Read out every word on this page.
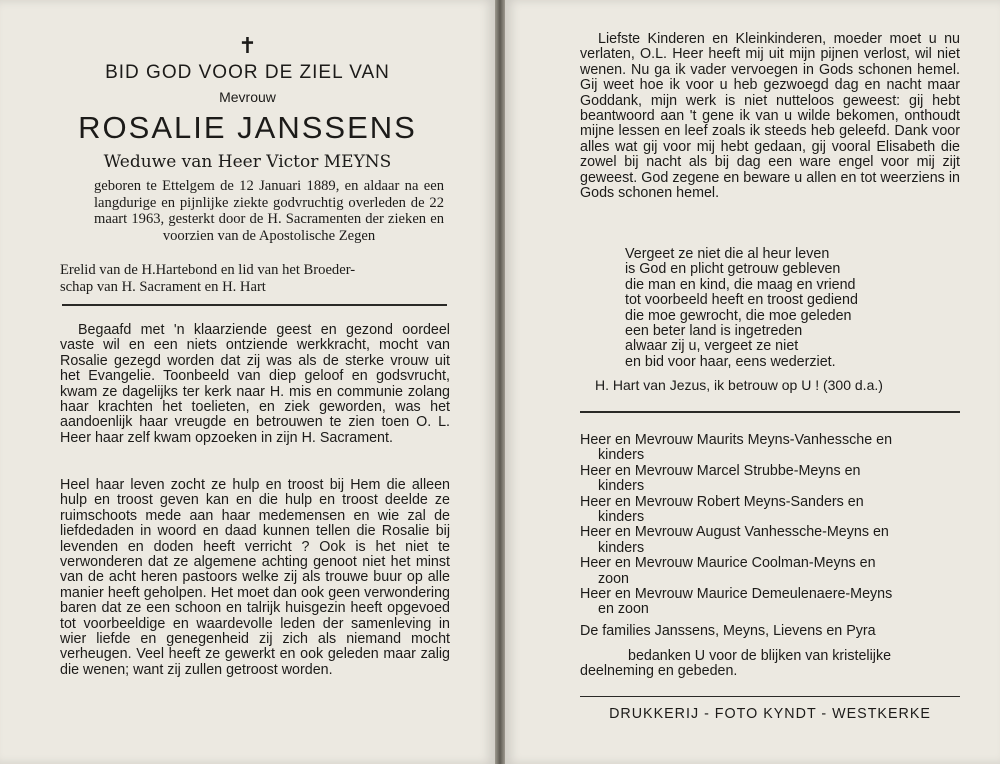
✝
BID GOD VOOR DE ZIEL VAN
Mevrouw
ROSALIE JANSSENS
Weduwe van Heer Victor MEYNS
geboren te Ettelgem de 12 Januari 1889, en aldaar na een langdurige en pijnlijke ziekte godvruchtig overleden de 22 maart 1963, gesterkt door de H. Sacramenten der zieken en voorzien van de Apostolische Zegen
Erelid van de H.Hartebond en lid van het Broeder-
schap van H. Sacrament en H. Hart
Begaafd met 'n klaarziende geest en gezond oordeel vaste wil en een niets ontziende werkkracht, mocht van Rosalie gezegd worden dat zij was als de sterke vrouw uit het Evangelie. Toonbeeld van diep geloof en godsvrucht, kwam ze dagelijks ter kerk naar H. mis en communie zolang haar krachten het toelieten, en ziek geworden, was het aandoenlijk haar vreugde en betrouwen te zien toen O. L. Heer haar zelf kwam opzoeken in zijn H. Sacrament.
Heel haar leven zocht ze hulp en troost bij Hem die alleen hulp en troost geven kan en die hulp en troost deelde ze ruimschoots mede aan haar medemensen en wie zal de liefdedaden in woord en daad kunnen tellen die Rosalie bij levenden en doden heeft verricht ? Ook is het niet te verwonderen dat ze algemene achting genoot niet het minst van de acht heren pastoors welke zij als trouwe buur op alle manier heeft geholpen. Het moet dan ook geen verwondering baren dat ze een schoon en talrijk huisgezin heeft opgevoed tot voorbeeldige en waardevolle leden der samenleving in wier liefde en genegenheid zij zich als niemand mocht verheugen. Veel heeft ze gewerkt en ook geleden maar zalig die wenen; want zij zullen getroost worden.
Liefste Kinderen en Kleinkinderen, moeder moet u nu verlaten, O.L. Heer heeft mij uit mijn pijnen verlost, wil niet wenen. Nu ga ik vader vervoegen in Gods schonen hemel. Gij weet hoe ik voor u heb gezwoegd dag en nacht maar Goddank, mijn werk is niet nutteloos geweest: gij hebt beantwoord aan 't gene ik van u wilde bekomen, onthoudt mijne lessen en leef zoals ik steeds heb geleefd. Dank voor alles wat gij voor mij hebt gedaan, gij vooral Elisabeth die zowel bij nacht als bij dag een ware engel voor mij zijt geweest. God zegene en beware u allen en tot weerziens in Gods schonen hemel.
Vergeet ze niet die al heur leven
is God en plicht getrouw gebleven
die man en kind, die maag en vriend
tot voorbeeld heeft en troost gediend
die moe gewrocht, die moe geleden
een beter land is ingetreden
alwaar zij u, vergeet ze niet
en bid voor haar, eens wederziet.
H. Hart van Jezus, ik betrouw op U ! (300 d.a.)
Heer en Mevrouw Maurits Meyns-Vanhessche en
kinders
Heer en Mevrouw Marcel Strubbe-Meyns en
kinders
Heer en Mevrouw Robert Meyns-Sanders en
kinders
Heer en Mevrouw August Vanhessche-Meyns en
kinders
Heer en Mevrouw Maurice Coolman-Meyns en
zoon
Heer en Mevrouw Maurice Demeulenaere-Meyns
en zoon
De families Janssens, Meyns, Lievens en Pyra
bedanken U voor de blijken van kristelijke
deelneming en gebeden.
DRUKKERIJ - FOTO KYNDT - WESTKERKE
